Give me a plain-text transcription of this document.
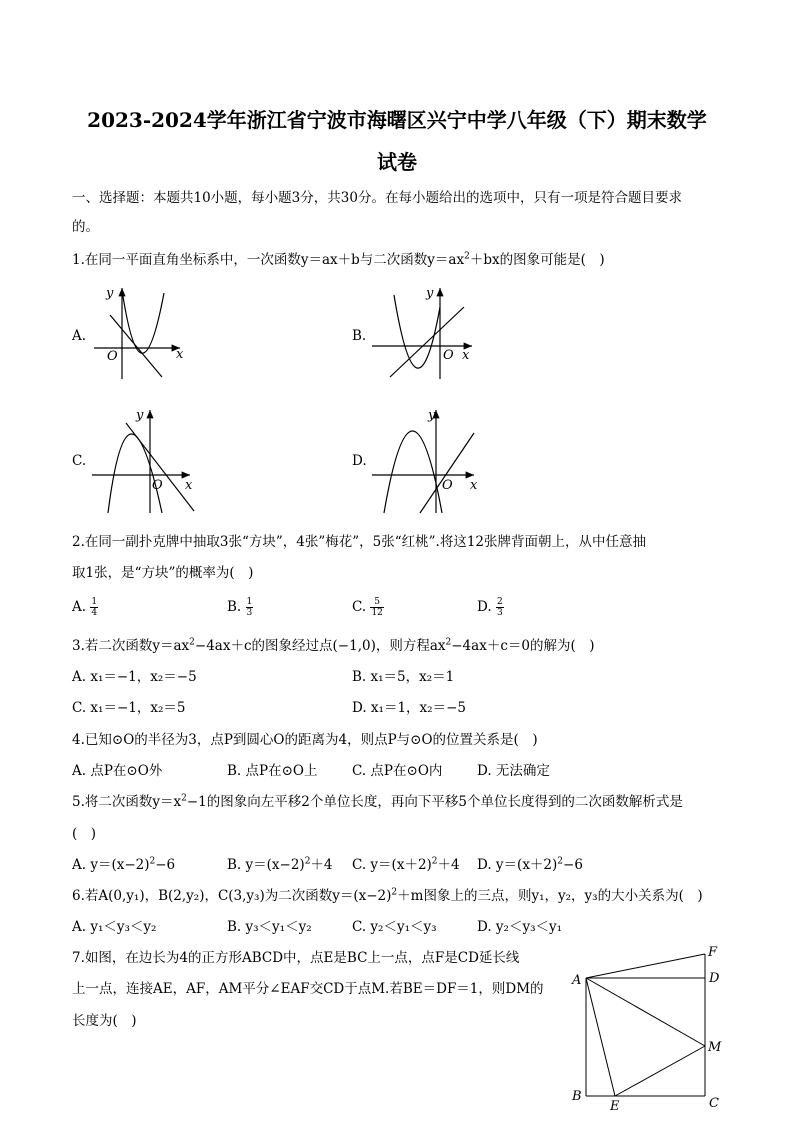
2023-2024学年浙江省宁波市海曙区兴宁中学八年级（下）期末数学
试卷
一、选择题：本题共10小题，每小题3分，共30分。在每小题给出的选项中，只有一项是符合题目要求
的。
1.在同一平面直角坐标系中，一次函数y＝ax＋b与二次函数$y=ax^2+bx$的图象可能是(　)
A.	B.
C.	D.
y
x
O
y
x
O
y
x
O
y
x
O
2.在同一副扑克牌中抽取3张“方块”，4张”梅花”，5张“红桃”.将这12张牌背面朝上，从中任意抽
取1张，是“方块”的概率为(　)
A. $\frac{1}{4}$	B. $\frac{1}{3}$	C. $\frac{5}{12}$	D. $\frac{2}{3}$
3.若二次函数$y=ax^2-4ax+c$的图象经过点(−1,0)，则方程$ax^2-4ax+c=0$的解为(　)
A. x₁＝−1，x₂＝−5	B. x₁＝5，x₂＝1
C. x₁＝−1，x₂＝5	D. x₁＝1，x₂＝−5
4.已知⊙O的半径为3，点P到圆心O的距离为4，则点P与⊙O的位置关系是(　)
A. 点P在⊙O外	B. 点P在⊙O上	C. 点P在⊙O内	D. 无法确定
5.将二次函数$y=x^2-1$的图象向左平移2个单位长度，再向下平移5个单位长度得到的二次函数解析式是
(　)
A. $y=(x-2)^2-6$	B. $y=(x-2)^2+4$ C. $y=(x+2)^2+4$ D. $y=(x+2)^2-6$
6.若A(0,y₁)，B(2,y₂)，C(3,y₃)为二次函数$y=(x-2)^2+m$图象上的三点，则y₁，y₂，y₃的大小关系为(　)
A. y₁＜y₃＜y₂	B. y₃＜y₁＜y₂	C. y₂＜y₁＜y₃	D. y₂＜y₃＜y₁
7.如图，在边长为4的正方形ABCD中，点E是BC上一点，点F是CD延长线
上一点，连接AE，AF，AM平分∠EAF交CD于点M.若BE＝DF＝1，则DM的
长度为(　)
A
B	C
D
E
F
M
